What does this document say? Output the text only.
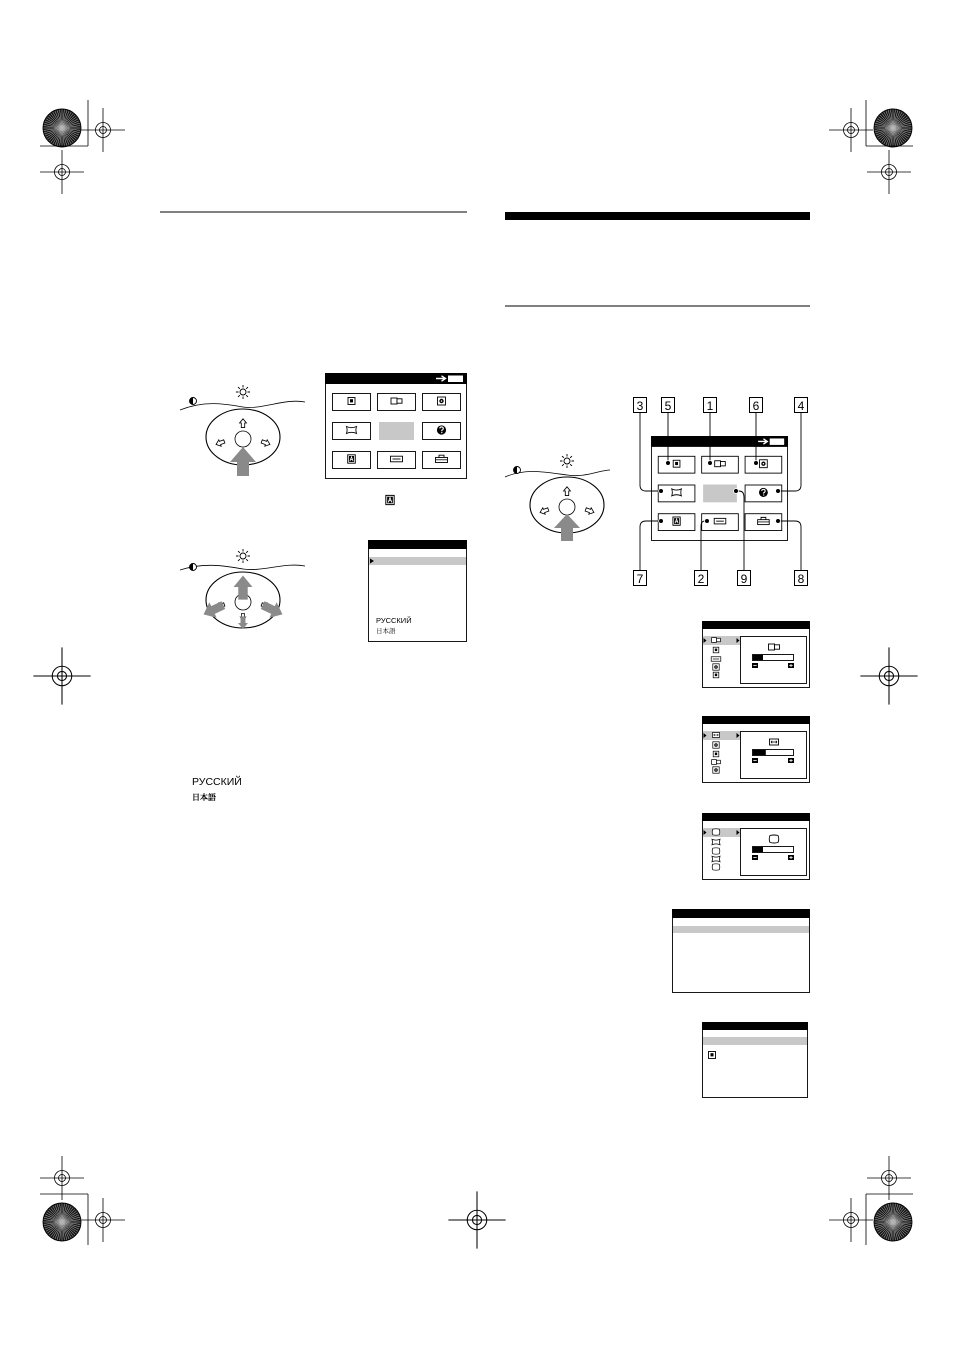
РУССКИЙ
日本語
РУССКИЙ
日本語
3 5	1	6	4
7	2	9	8
